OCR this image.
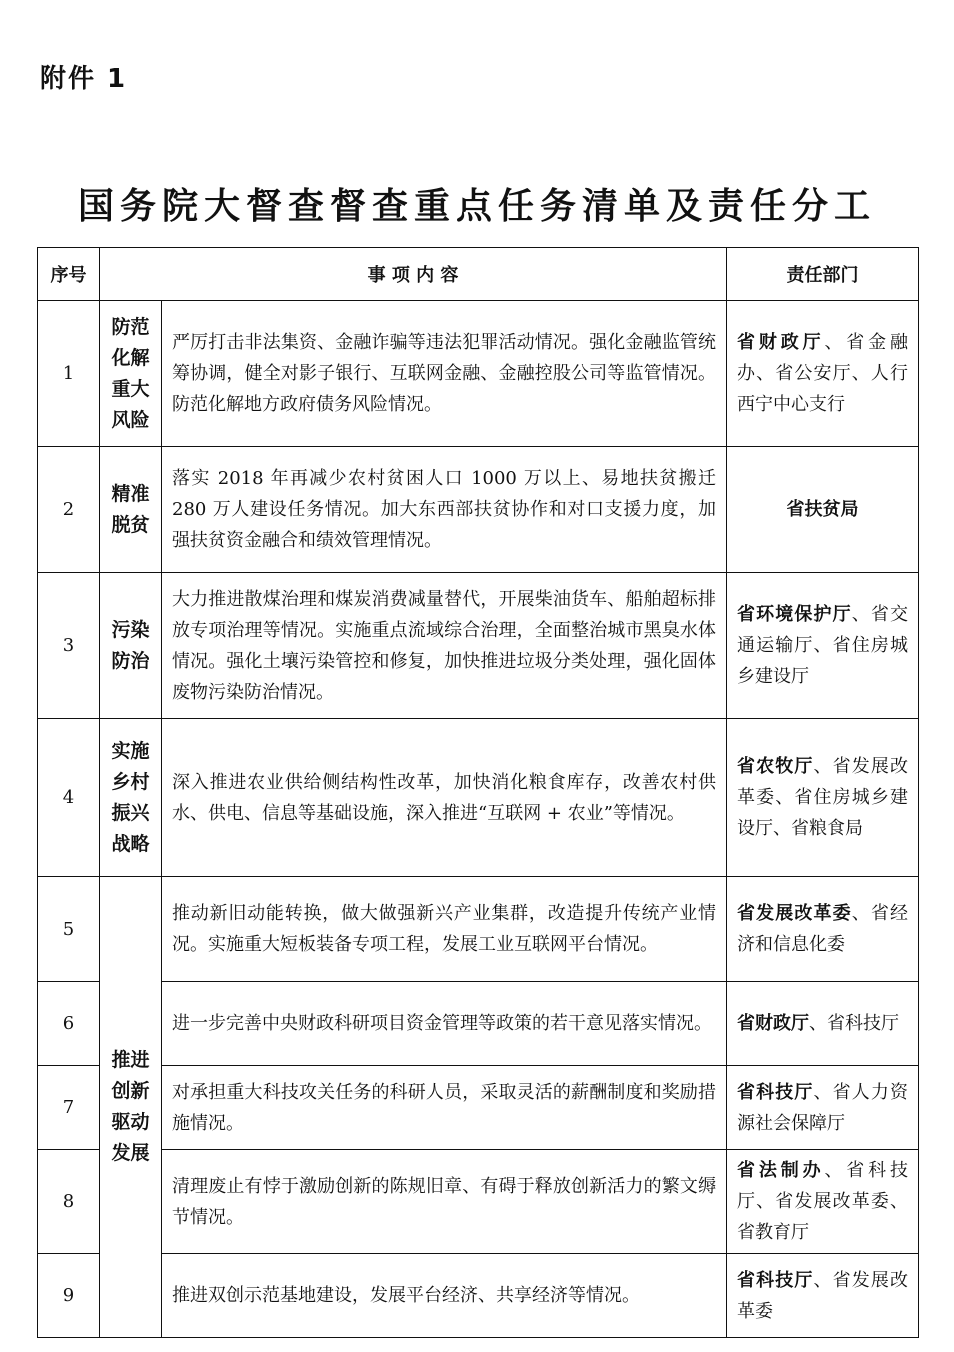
附件 1
国务院大督查督查重点任务清单及责任分工
序号	事 项 内 容		责任部门
1	防范化解重大风险	严厉打击非法集资、金融诈骗等违法犯罪活动情况。强化金融监管统筹协调，健全对影子银行、互联网金融、金融控股公司等监管情况。防范化解地方政府债务风险情况。	省财政厅、省金融办、省公安厅、人行西宁中心支行
2	精准脱贫	落实 2018 年再减少农村贫困人口 1000 万以上、易地扶贫搬迁 280 万人建设任务情况。加大东西部扶贫协作和对口支援力度，加强扶贫资金融合和绩效管理情况。	省扶贫局
3	污染防治	大力推进散煤治理和煤炭消费减量替代，开展柴油货车、船舶超标排放专项治理等情况。实施重点流域综合治理，全面整治城市黑臭水体情况。强化土壤污染管控和修复，加快推进垃圾分类处理，强化固体废物污染防治情况。	省环境保护厅、省交通运输厅、省住房城乡建设厅
4	实施乡村振兴战略	深入推进农业供给侧结构性改革，加快消化粮食库存，改善农村供水、供电、信息等基础设施，深入推进“互联网 + 农业”等情况。	省农牧厅、省发展改革委、省住房城乡建设厅、省粮食局
5	推进创新驱动发展	推动新旧动能转换，做大做强新兴产业集群，改造提升传统产业情况。实施重大短板装备专项工程，发展工业互联网平台情况。	省发展改革委、省经济和信息化委
6		进一步完善中央财政科研项目资金管理等政策的若干意见落实情况。	省财政厅、省科技厅
7		对承担重大科技攻关任务的科研人员，采取灵活的薪酬制度和奖励措施情况。	省科技厅、省人力资源社会保障厅
8		清理废止有悖于激励创新的陈规旧章、有碍于释放创新活力的繁文缛节情况。	省法制办、省科技厅、省发展改革委、省教育厅
9		推进双创示范基地建设，发展平台经济、共享经济等情况。	省科技厅、省发展改革委
